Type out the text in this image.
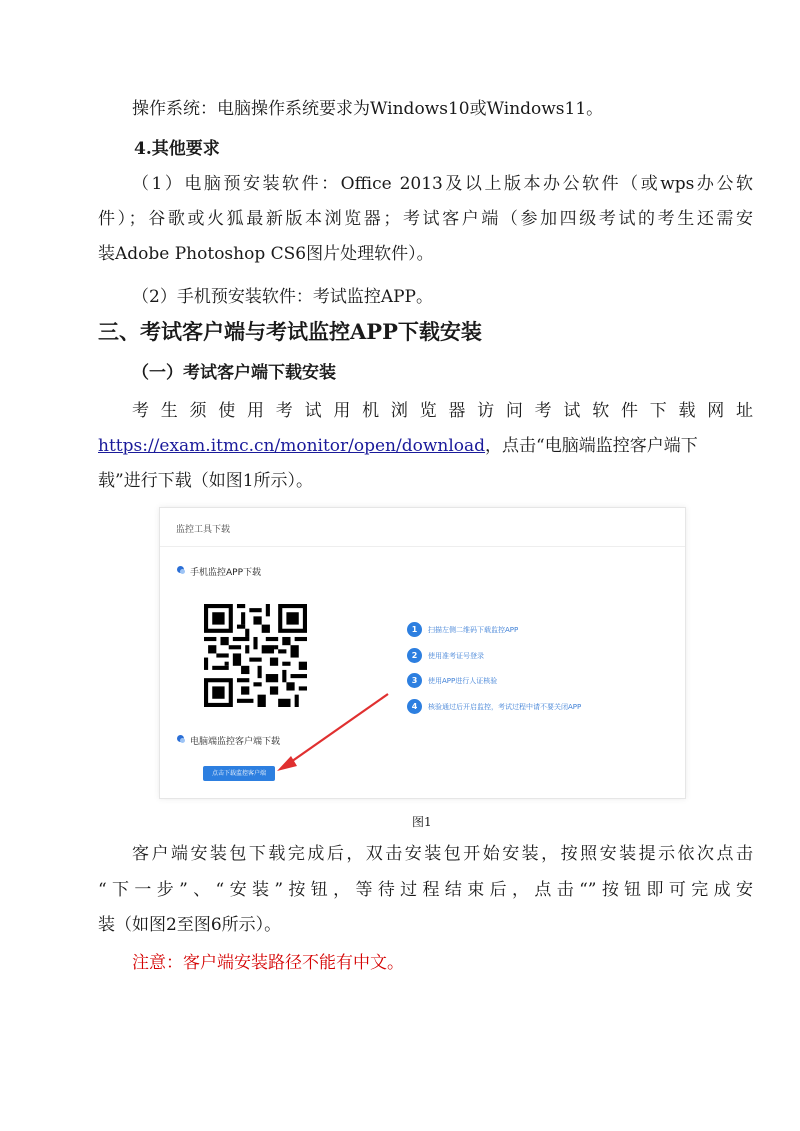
操作系统：电脑操作系统要求为Windows10或Windows11。
4.其他要求
（1）电脑预安装软件：Office 2013及以上版本办公软件（或wps办公软
件）；谷歌或火狐最新版本浏览器；考试客户端（参加四级考试的考生还需安
装Adobe Photoshop CS6图片处理软件）。
（2）手机预安装软件：考试监控APP。
三、考试客户端与考试监控APP下载安装
（一）考试客户端下载安装
考生须使用考试用机浏览器访问考试软件下载网址
https://exam.itmc.cn/monitor/open/download，点击“电脑端监控客户端下
载”进行下载（如图1所示）。
监控工具下载
手机监控APP下载
1	扫描左侧二维码下载监控APP
2	使用准考证号登录
3	使用APP进行人证核验
4	核验通过后开启监控，考试过程中请不要关闭APP
电脑端监控客户端下载
点击下载监控客户端
图1
客户端安装包下载完成后，双击安装包开始安装，按照安装提示依次点击
“下一步”、“安装”按钮，等待过程结束后，点击“”按钮即可完成安
装（如图2至图6所示）。
注意：客户端安装路径不能有中文。
